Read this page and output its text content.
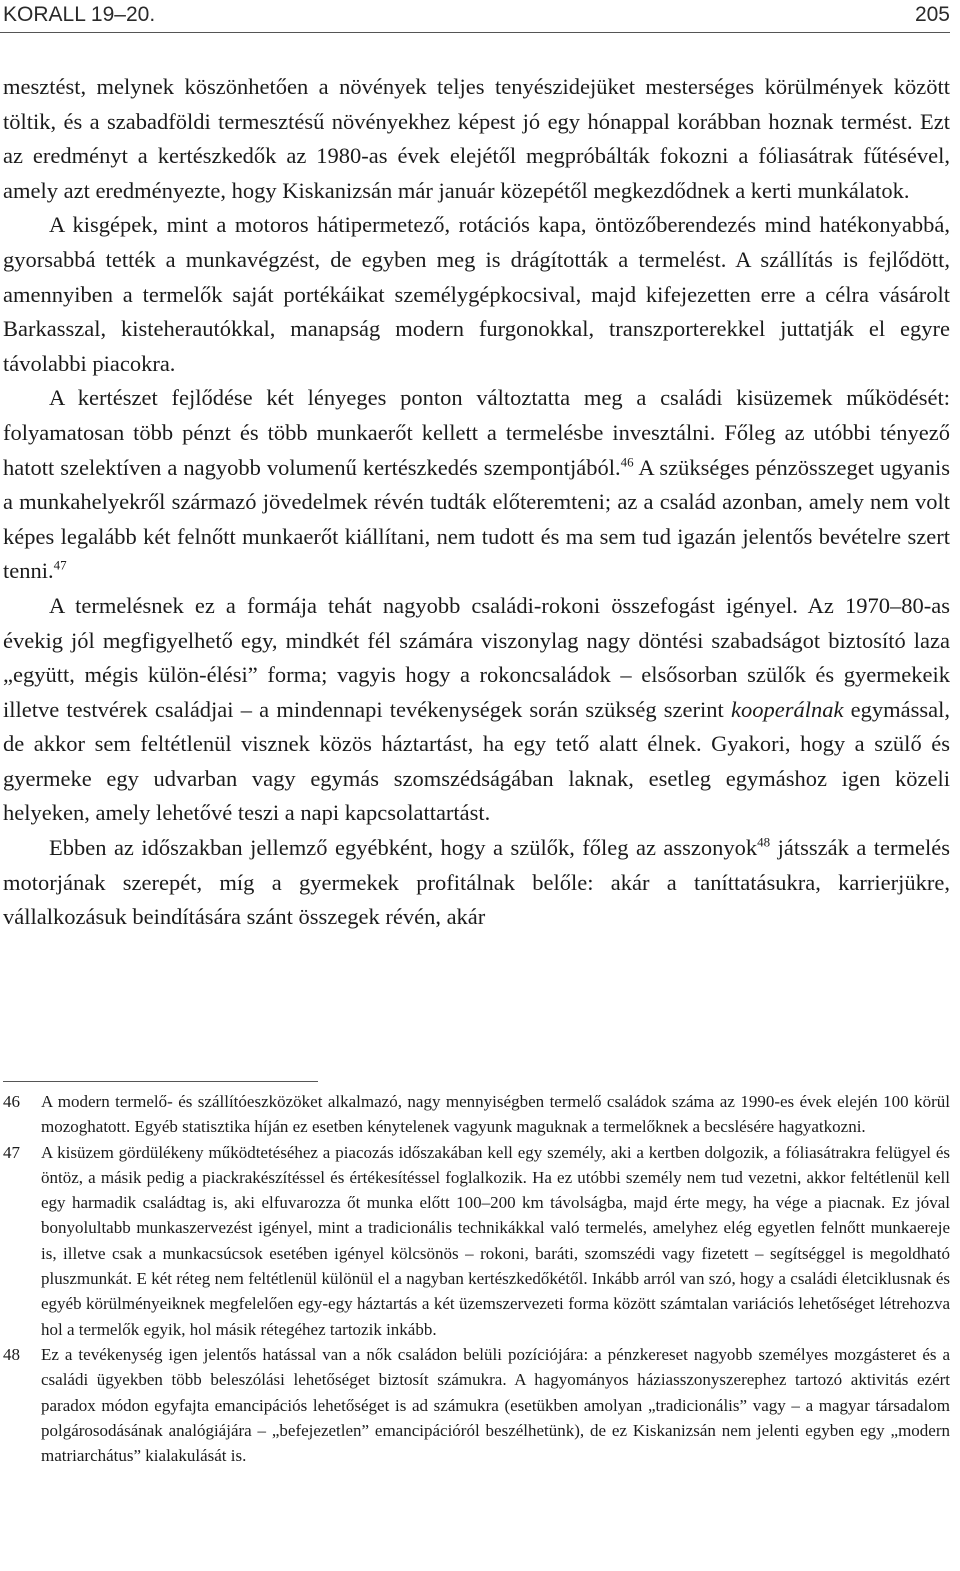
KORALL 19–20.	205

mesztést, melynek köszönhetően a növények teljes tenyészidejüket mesterséges körülmények között töltik, és a szabadföldi termesztésű növényekhez képest jó egy hónappal korábban hoznak termést. Ezt az eredményt a kertészkedők az 1980-as évek elejétől megpróbálták fokozni a fóliasátrak fűtésével, amely azt eredményezte, hogy Kiskanizsán már január közepétől megkezdődnek a kerti munkálatok.

A kisgépek, mint a motoros hátipermetező, rotációs kapa, öntözőberendezés mind hatékonyabbá, gyorsabbá tették a munkavégzést, de egyben meg is drágították a termelést. A szállítás is fejlődött, amennyiben a termelők saját portékáikat személygépkocsival, majd kifejezetten erre a célra vásárolt Barkasszal, kisteherautókkal, manapság modern furgonokkal, transzporterekkel juttatják el egyre távolabbi piacokra.

A kertészet fejlődése két lényeges ponton változtatta meg a családi kisüzemek működését: folyamatosan több pénzt és több munkaerőt kellett a termelésbe invesztálni. Főleg az utóbbi tényező hatott szelektíven a nagyobb volumenű kertészkedés szempontjából.$^{46}$ A szükséges pénzösszeget ugyanis a munkahelyekről származó jövedelmek révén tudták előteremteni; az a család azonban, amely nem volt képes legalább két felnőtt munkaerőt kiállítani, nem tudott és ma sem tud igazán jelentős bevételre szert tenni.$^{47}$

A termelésnek ez a formája tehát nagyobb családi-rokoni összefogást igényel. Az 1970–80-as évekig jól megfigyelhető egy, mindkét fél számára viszonylag nagy döntési szabadságot biztosító laza „együtt, mégis külön-élési” forma; vagyis hogy a rokoncsaládok – elsősorban szülők és gyermekeik illetve testvérek családjai – a mindennapi tevékenységek során szükség szerint kooperálnak egymással, de akkor sem feltétlenül visznek közös háztartást, ha egy tető alatt élnek. Gyakori, hogy a szülő és gyermeke egy udvarban vagy egymás szomszédságában laknak, esetleg egymáshoz igen közeli helyeken, amely lehetővé teszi a napi kapcsolattartást.

Ebben az időszakban jellemző egyébként, hogy a szülők, főleg az asszonyok$^{48}$ játsszák a termelés motorjának szerepét, míg a gyermekek profitálnak belőle: akár a taníttatásukra, karrierjükre, vállalkozásuk beindítására szánt összegek révén, akár

46 A modern termelő- és szállítóeszközöket alkalmazó, nagy mennyiségben termelő családok száma az 1990-es évek elején 100 körül mozoghatott. Egyéb statisztika híján ez esetben kénytelenek vagyunk maguknak a termelőknek a becslésére hagyatkozni.
47 A kisüzem gördülékeny működtetéséhez a piacozás időszakában kell egy személy, aki a kertben dolgozik, a fóliasátrakra felügyel és öntöz, a másik pedig a piackrakészítéssel és értékesítéssel foglalkozik. Ha ez utóbbi személy nem tud vezetni, akkor feltétlenül kell egy harmadik családtag is, aki elfuvarozza őt munka előtt 100–200 km távolságba, majd érte megy, ha vége a piacnak. Ez jóval bonyolultabb munkaszervezést igényel, mint a tradicionális technikákkal való termelés, amelyhez elég egyetlen felnőtt munkaereje is, illetve csak a munkacsúcsok esetében igényel kölcsönös – rokoni, baráti, szomszédi vagy fizetett – segítséggel is megoldható pluszmunkát. E két réteg nem feltétlenül különül el a nagyban kertészkedőkétől. Inkább arról van szó, hogy a családi életciklusnak és egyéb körülményeiknek megfelelően egy-egy háztartás a két üzemszervezeti forma között számtalan variációs lehetőséget létrehozva hol a termelők egyik, hol másik rétegéhez tartozik inkább.
48 Ez a tevékenység igen jelentős hatással van a nők családon belüli pozíciójára: a pénzkereset nagyobb személyes mozgásteret és a családi ügyekben több beleszólási lehetőséget biztosít számukra. A hagyományos háziasszonyszerephez tartozó aktivitás ezért paradox módon egyfajta emancipációs lehetőséget is ad számukra (esetükben amolyan „tradicionális” vagy – a magyar társadalom polgárosodásának analógiájára – „befejezetlen” emancipációról beszélhetünk), de ez Kiskanizsán nem jelenti egyben egy „modern matriarchátus” kialakulását is.
